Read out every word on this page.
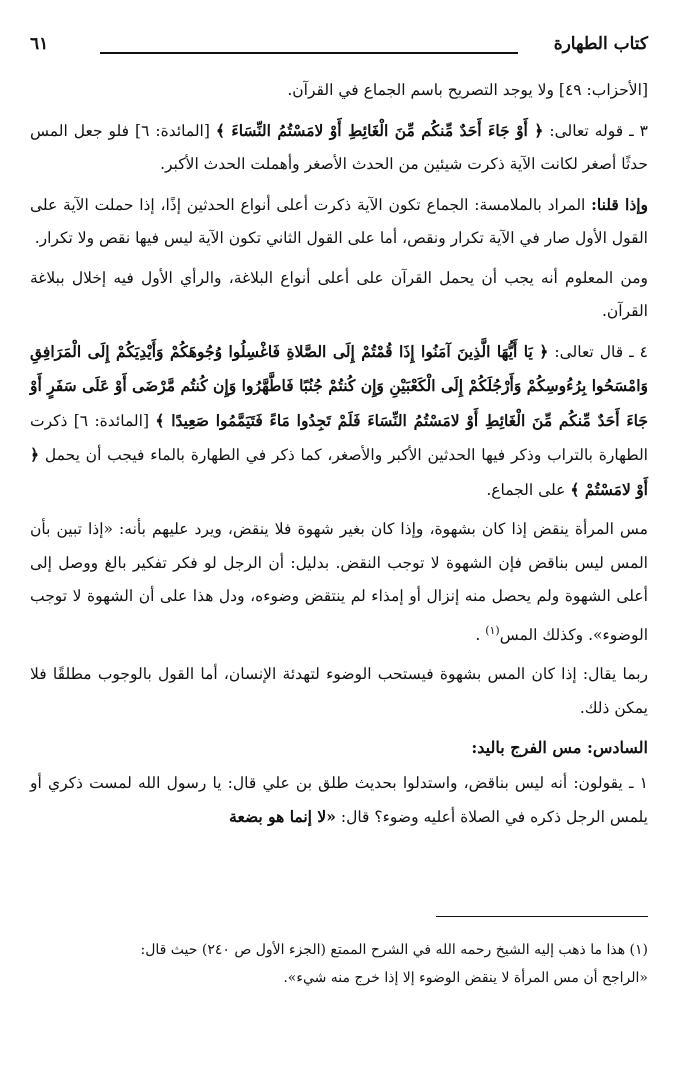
كتاب الطهارة
٦١

[الأحزاب: ٤٩] ولا يوجد التصريح باسم الجماع في القرآن.

٣ ـ قوله تعالى: ﴿ أَوْ جَاءَ أَحَدٌ مِّنكُم مِّنَ الْغَائِطِ أَوْ لامَسْتُمُ النِّسَاءَ ﴾ [المائدة: ٦] فلو جعل المس حدثًا أصغر لكانت الآية ذكرت شيئين من الحدث الأصغر وأهملت الحدث الأكبر.

وإذا قلنا: المراد بالملامسة: الجماع تكون الآية ذكرت أعلى أنواع الحدثين إذًا، إذا حملت الآية على القول الأول صار في الآية تكرار ونقص، أما على القول الثاني تكون الآية ليس فيها نقص ولا تكرار.

ومن المعلوم أنه يجب أن يحمل القرآن على أعلى أنواع البلاغة، والرأي الأول فيه إخلال ببلاغة القرآن.

٤ ـ قال تعالى: ﴿ يَا أَيُّهَا الَّذِينَ آمَنُوا إِذَا قُمْتُمْ إِلَى الصَّلاةِ فَاغْسِلُوا وُجُوهَكُمْ وَأَيْدِيَكُمْ إِلَى الْمَرَافِقِ وَامْسَحُوا بِرُءُوسِكُمْ وَأَرْجُلَكُمْ إِلَى الْكَعْبَيْنِ وَإِن كُنتُمْ جُنُبًا فَاطَّهَّرُوا وَإِن كُنتُم مَّرْضَى أَوْ عَلَى سَفَرٍ أَوْ جَاءَ أَحَدٌ مِّنكُم مِّنَ الْغَائِطِ أَوْ لامَسْتُمُ النِّسَاءَ فَلَمْ تَجِدُوا مَاءً فَتَيَمَّمُوا صَعِيدًا ﴾ [المائدة: ٦] ذكرت الطهارة بالتراب وذكر فيها الحدثين الأكبر والأصغر، كما ذكر في الطهارة بالماء فيجب أن يحمل ﴿ أَوْ لامَسْتُمْ ﴾ على الجماع.

مس المرأة ينقض إذا كان بشهوة، وإذا كان بغير شهوة فلا ينقض، ويرد عليهم بأنه: «إذا تبين بأن المس ليس بناقض فإن الشهوة لا توجب النقض. بدليل: أن الرجل لو فكر تفكير بالغ ووصل إلى أعلى الشهوة ولم يحصل منه إنزال أو إمذاء لم ينتقض وضوءه، ودل هذا على أن الشهوة لا توجب الوضوء». وكذلك المس$^{(١)}$ .

ربما يقال: إذا كان المس بشهوة فيستحب الوضوء لتهدئة الإنسان، أما القول بالوجوب مطلقًا فلا يمكن ذلك.

السادس: مس الفرج باليد:

١ ـ يقولون: أنه ليس بناقض، واستدلوا بحديث طلق بن علي قال: يا رسول الله لمست ذكري أو يلمس الرجل ذكره في الصلاة أعليه وضوء؟ قال: «لا إنما هو بضعة

(١) هذا ما ذهب إليه الشيخ رحمه الله في الشرح الممتع (الجزء الأول ص ٢٤٠) حيث قال:
«الراجح أن مس المرأة لا ينقض الوضوء إلا إذا خرج منه شيء».
